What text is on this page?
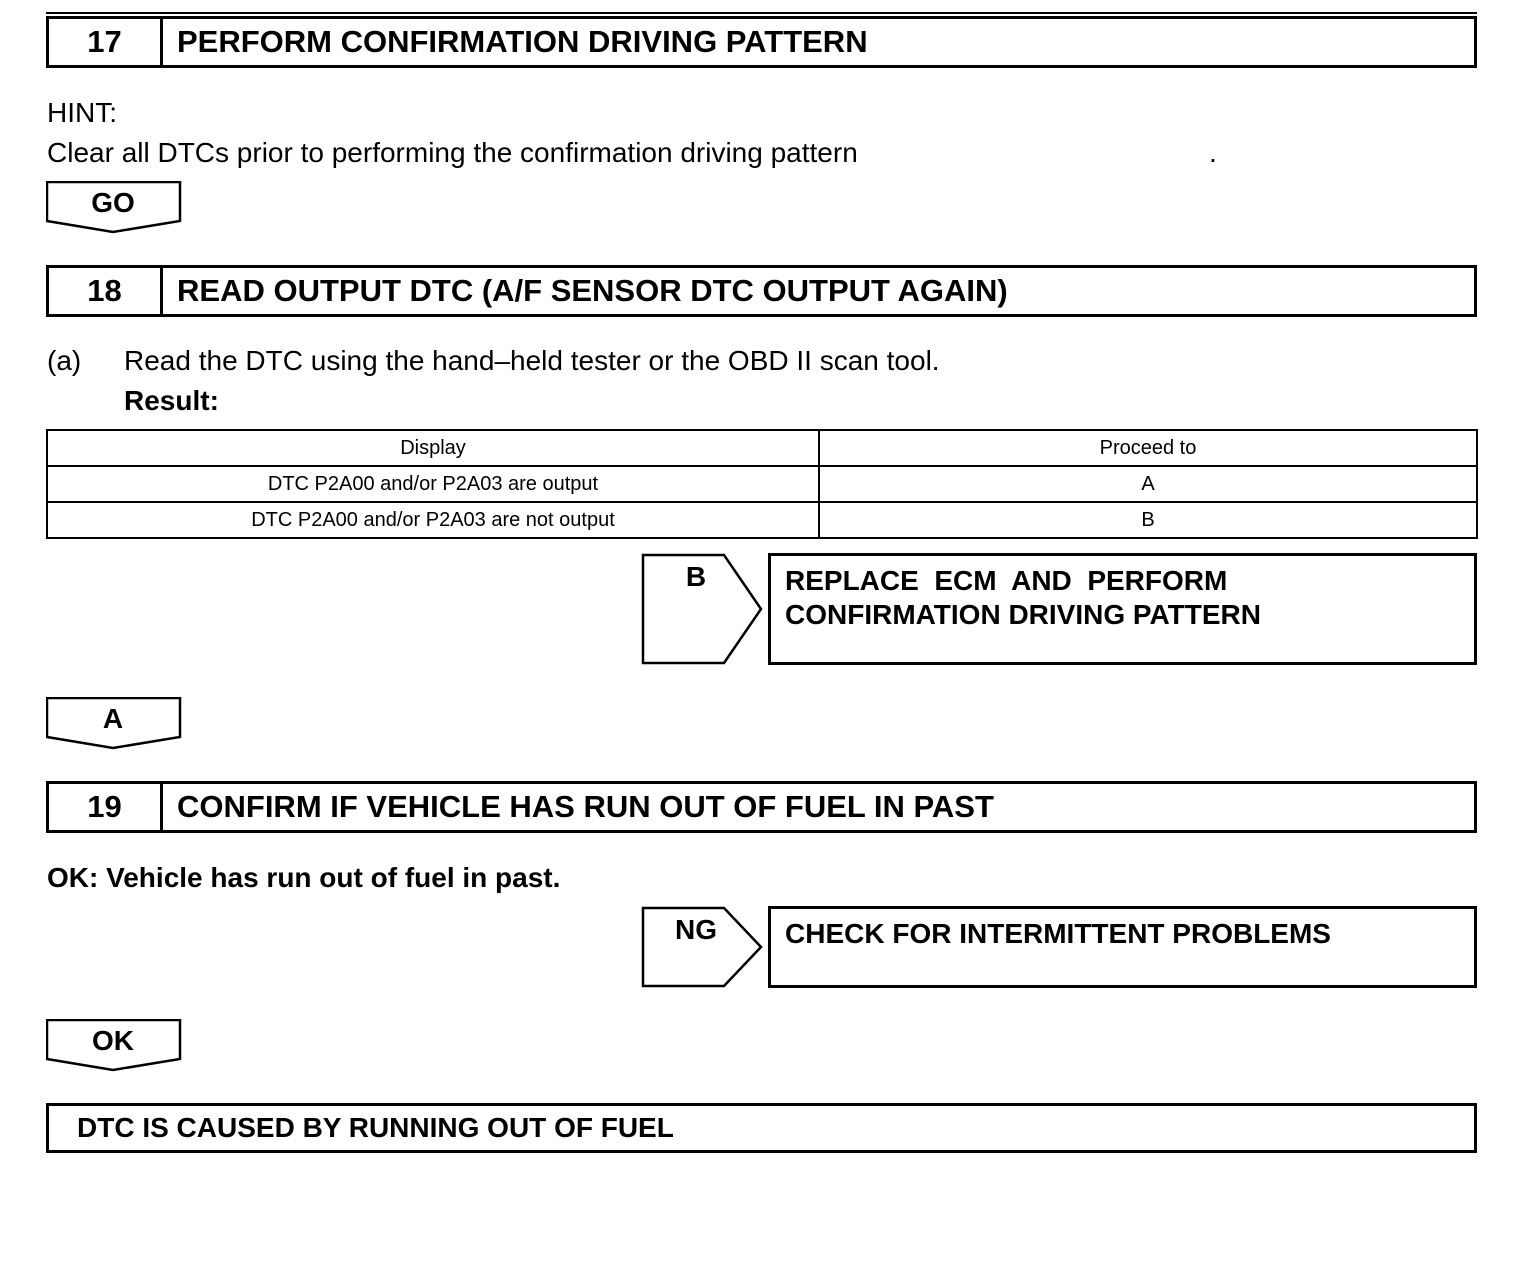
17	PERFORM CONFIRMATION DRIVING PATTERN
HINT:
Clear all DTCs prior to performing the confirmation driving pattern	.
GO
18	READ OUTPUT DTC (A/F SENSOR DTC OUTPUT AGAIN)
(a) Read the DTC using the hand–held tester or the OBD II scan tool.
Result:
Display	Proceed to
DTC P2A00 and/or P2A03 are output	A
DTC P2A00 and/or P2A03 are not output	B
B	REPLACE  ECM  AND  PERFORM
CONFIRMATION DRIVING PATTERN
A
19	CONFIRM IF VEHICLE HAS RUN OUT OF FUEL IN PAST
OK: Vehicle has run out of fuel in past.
NG	CHECK FOR INTERMITTENT PROBLEMS
OK
DTC IS CAUSED BY RUNNING OUT OF FUEL
